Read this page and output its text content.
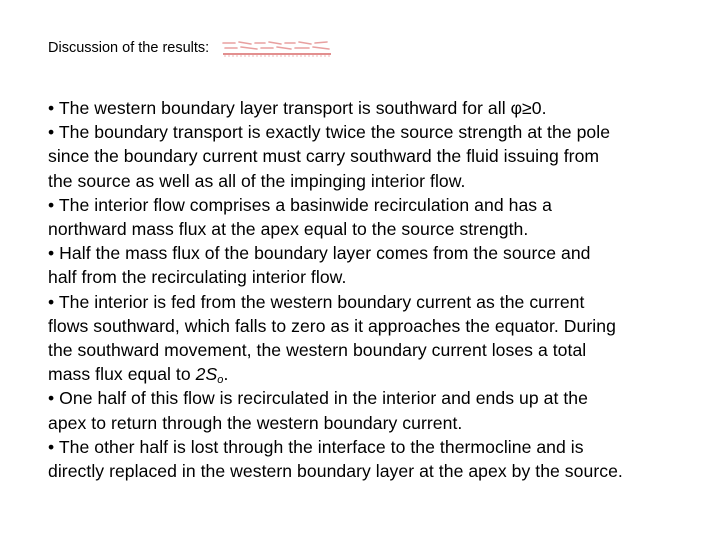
Discussion of the results:

• The western boundary layer transport is southward for all φ≥0.

• The boundary transport is exactly twice the source strength at the pole

since the boundary current must carry southward the fluid issuing from

the source as well as all of the impinging interior flow.

• The interior flow comprises a basinwide recirculation and has a

northward mass flux at the apex equal to the source strength.

• Half the mass flux of the boundary layer comes from the source and

half from the recirculating interior flow.

• The interior is fed from the western boundary current as the current

flows southward, which falls to zero as it approaches the equator. During

the southward movement, the western boundary current loses a total

mass flux equal to $2S_o$.

• One half of this flow is recirculated in the interior and ends up at the

apex to return through the western boundary current.

• The other half is lost through the interface to the thermocline and is

directly replaced in the western boundary layer at the apex by the source.
